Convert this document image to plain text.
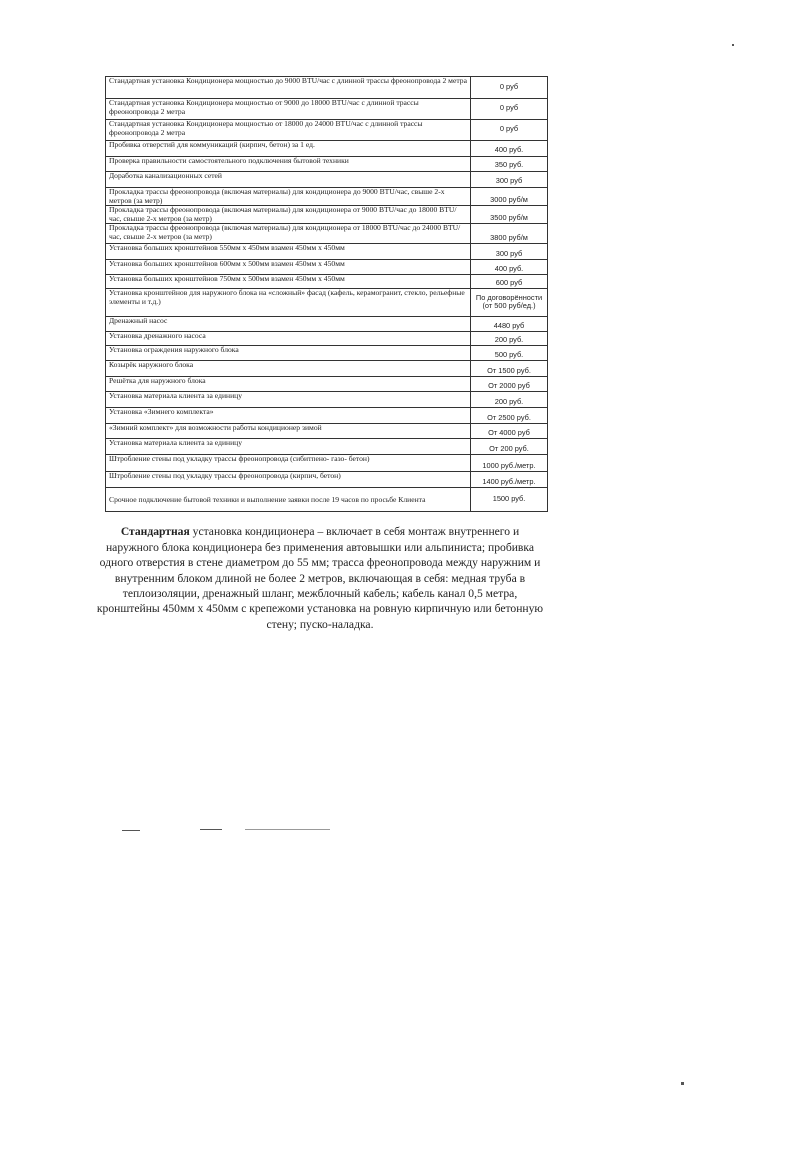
Стандартная установка Кондиционера мощностью до 9000 BTU/час с длинной трассы фреонопровода 2 метра	0 руб
Стандартная установка Кондиционера мощностью от 9000 до 18000 BTU/час с длинной трассы фреонопровода 2 метра	0 руб
Стандартная установка Кондиционера мощностью от 18000 до 24000 BTU/час с длинной трассы фреонопровода 2 метра	0 руб
Пробивка отверстий для коммуникаций (кирпич, бетон) за 1 ед.	400 руб.
Проверка правильности самостоятельного подключения бытовой техники	350 руб.
Доработка канализационных сетей	300 руб
Прокладка трассы фреонопровода (включая материалы) для кондиционера до 9000 BTU/час, свыше 2-х метров (за метр)	3000 руб/м
Прокладка трассы фреонопровода (включая материалы) для кондиционера от 9000 BTU/час до 18000 BTU/час, свыше 2-х метров (за метр)	3500 руб/м
Прокладка трассы фреонопровода (включая материалы) для кондиционера от 18000 BTU/час до 24000 BTU/час, свыше 2-х метров (за метр)	3800 руб/м
Установка больших кронштейнов 550мм х 450мм взамен 450мм х 450мм	300 руб
Установка больших кронштейнов 600мм х 500мм взамен 450мм х 450мм	400 руб.
Установка больших кронштейнов 750мм х 500мм взамен 450мм х 450мм	600 руб
Установка кронштейнов для наружного блока на «сложный» фасад (кафель, керамогранит, стекло, рельефные элементы и т.д.)	По договорённости (от 500 руб/ед.)
Дренажный насос	4480 руб
Установка дренажного насоса	200 руб.
Установка ограждения наружного блока	500 руб.
Козырёк наружного блока	От 1500 руб.
Решётка для наружного блока	От 2000 руб
Установка материала клиента за единицу	200 руб.
Установка «Зимнего комплекта»	От 2500 руб.
«Зимний комплект» для возможности работы кондиционер зимой	От 4000 руб
Установка материала клиента за единицу	От 200 руб.
Штробление стены под укладку трассы фреонопровода (сибитпено- газо- бетон)	1000 руб./метр.
Штробление стены под укладку трассы фреонопровода (кирпич, бетон)	1400 руб./метр.
Срочное подключение бытовой техники и выполнение заявки после 19 часов по просьбе Клиента	1500 руб.
Стандартная установка кондиционера – включает в себя монтаж внутреннего и
наружного блока кондиционера без применения автовышки или альпиниста; пробивка
одного отверстия в стене диаметром до 55 мм; трасса фреонопровода между наружним и
внутренним блоком длиной не более 2 метров, включающая в себя: медная труба в
теплоизоляции, дренажный шланг, межблочный кабель; кабель канал 0,5 метра,
кронштейны 450мм х 450мм с крепежоми установка на ровную кирпичную или бетонную
стену; пуско-наладка.
